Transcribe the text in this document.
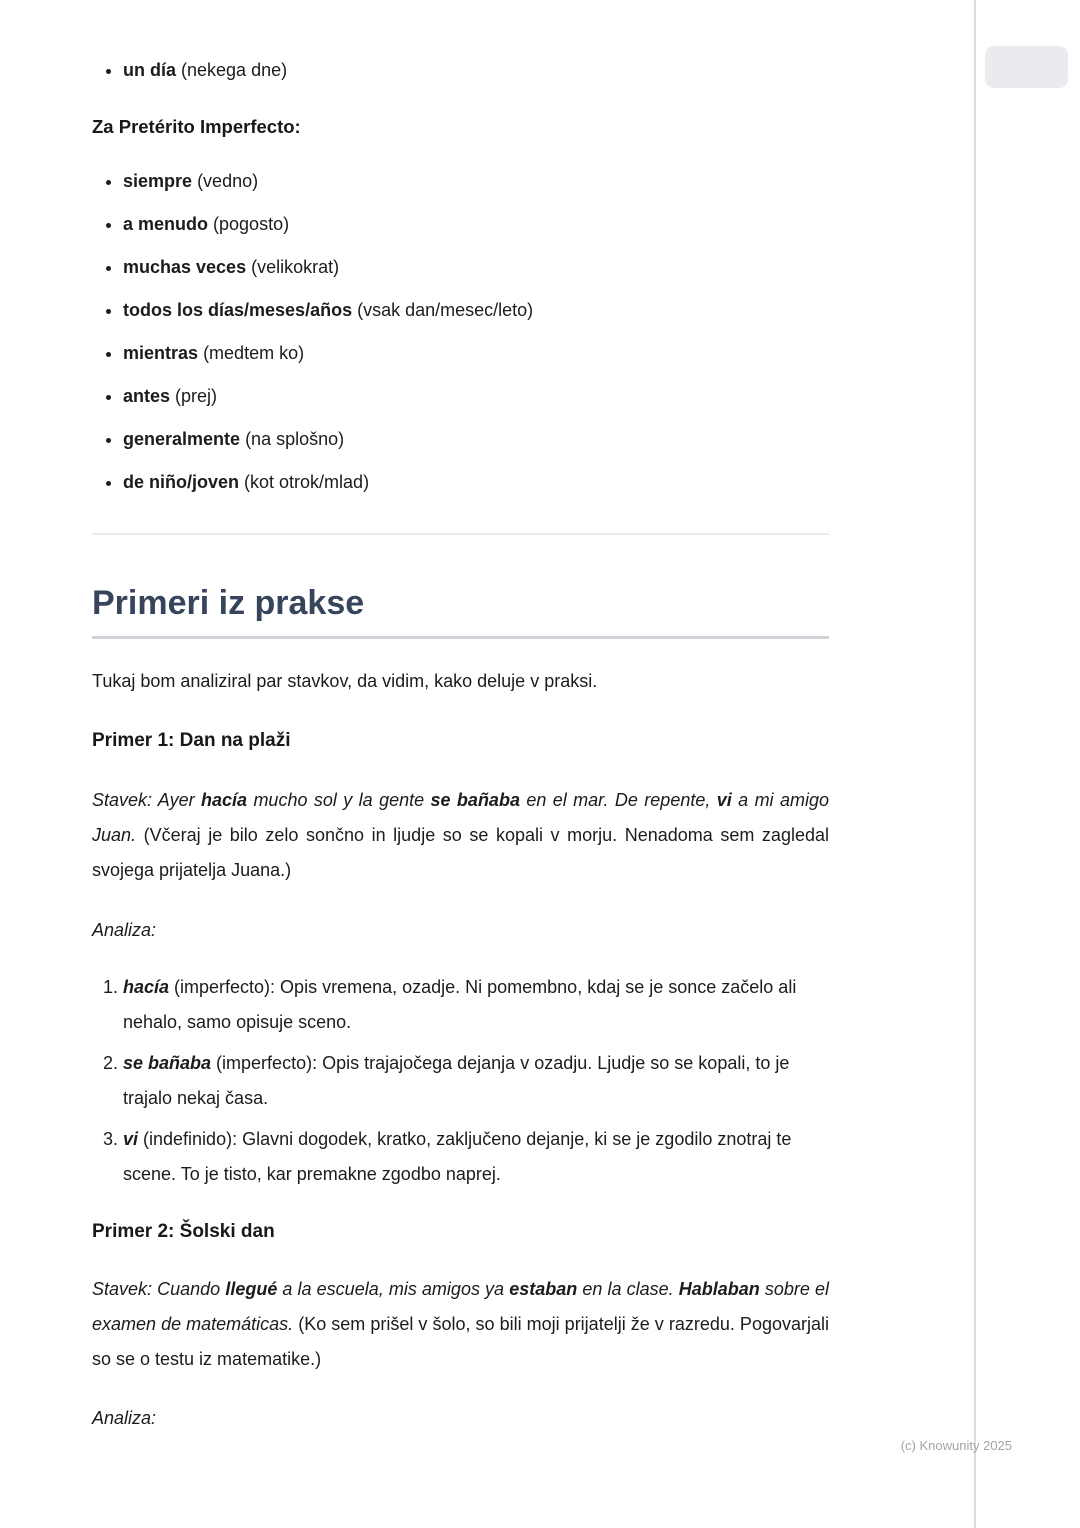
• un día (nekega dne)
Za Pretérito Imperfecto:
• siempre (vedno)
• a menudo (pogosto)
• muchas veces (velikokrat)
• todos los días/meses/años (vsak dan/mesec/leto)
• mientras (medtem ko)
• antes (prej)
• generalmente (na splošno)
• de niño/joven (kot otrok/mlad)
Primeri iz prakse

Tukaj bom analiziral par stavkov, da vidim, kako deluje v praksi.

Primer 1: Dan na plaži

Stavek: Ayer hacía mucho sol y la gente se bañaba en el mar. De repente, vi a mi amigo Juan. (Včeraj je bilo zelo sončno in ljudje so se kopali v morju. Nenadoma sem zagledal svojega prijatelja Juana.)

Analiza:

1. hacía (imperfecto): Opis vremena, ozadje. Ni pomembno, kdaj se je sonce začelo ali nehalo, samo opisuje sceno.
2. se bañaba (imperfecto): Opis trajajočega dejanja v ozadju. Ljudje so se kopali, to je trajalo nekaj časa.
3. vi (indefinido): Glavni dogodek, kratko, zaključeno dejanje, ki se je zgodilo znotraj te scene. To je tisto, kar premakne zgodbo naprej.
Primer 2: Šolski dan

Stavek: Cuando llegué a la escuela, mis amigos ya estaban en la clase. Hablaban sobre el examen de matemáticas. (Ko sem prišel v šolo, so bili moji prijatelji že v razredu. Pogovarjali so se o testu iz matematike.)

Analiza:

(c) Knowunity 2025
